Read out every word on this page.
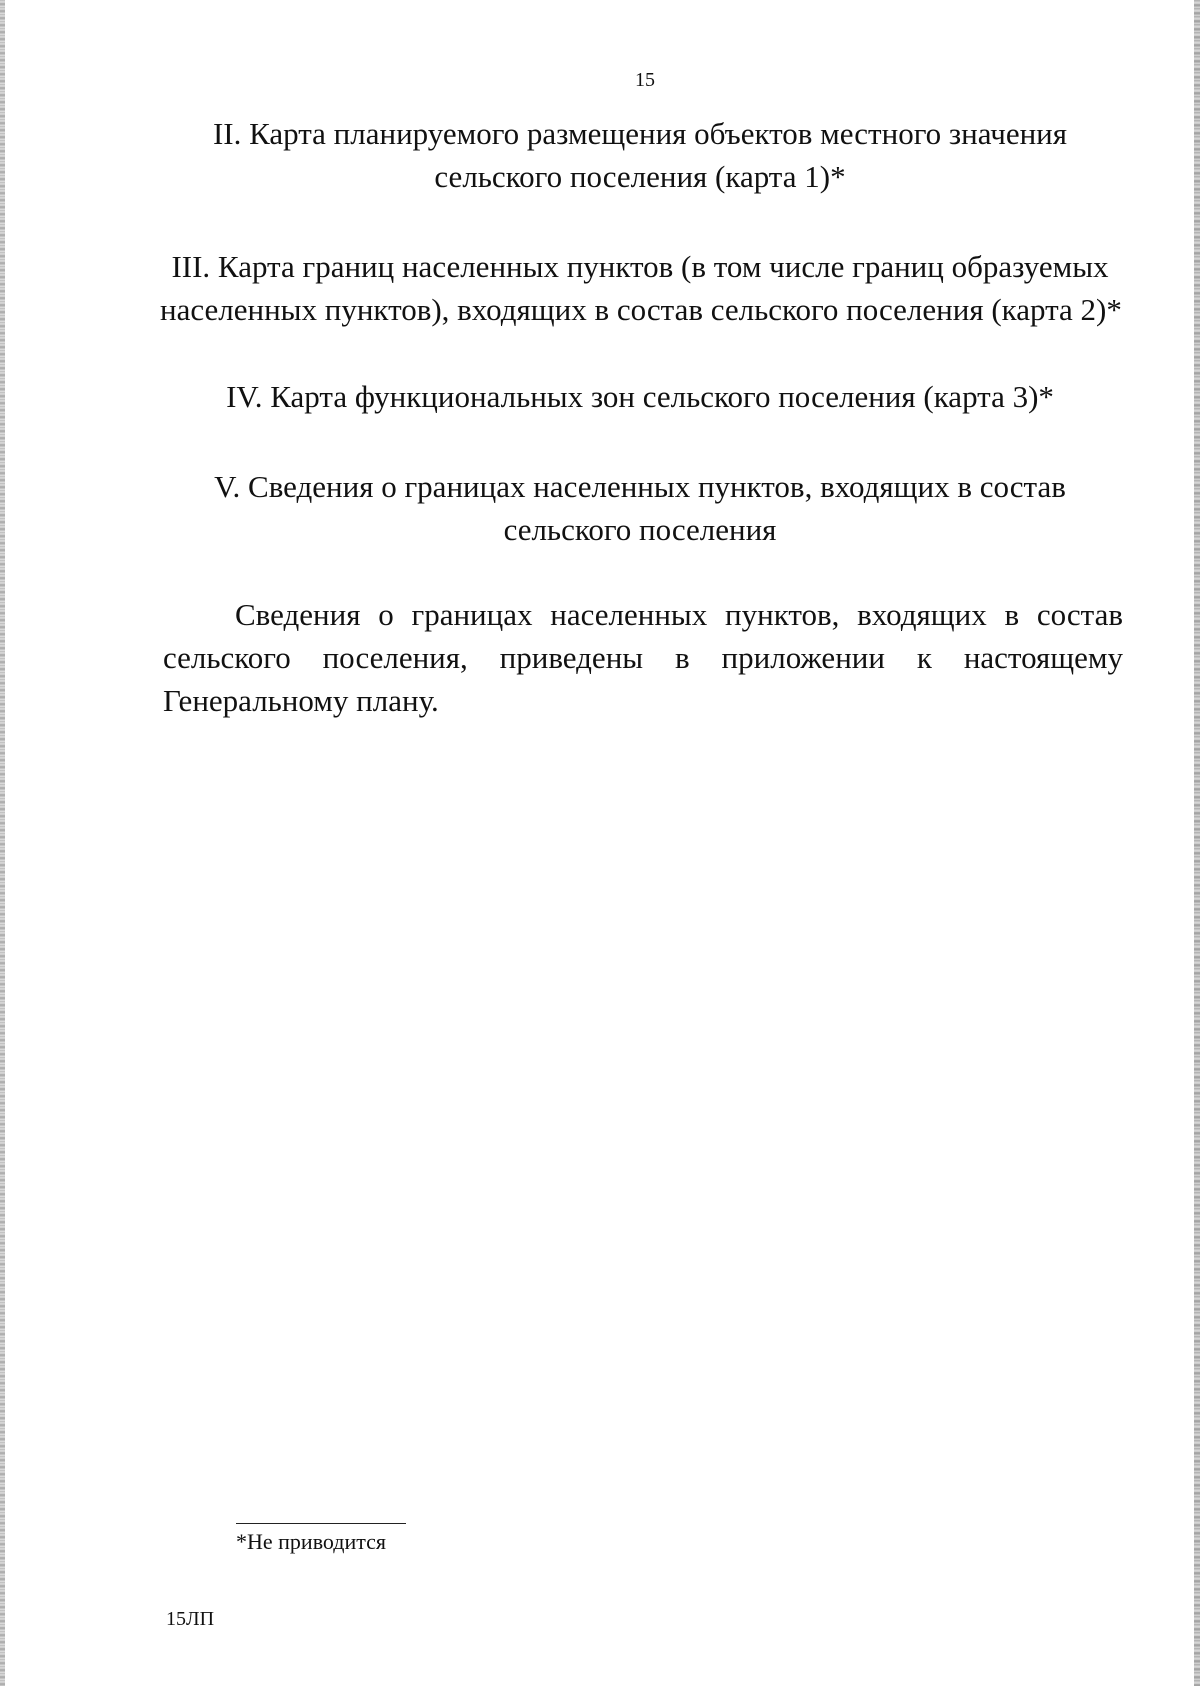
15
II. Карта планируемого размещения объектов местного значения
сельского поселения (карта 1)*
III. Карта границ населенных пунктов (в том числе границ образуемых
населенных пунктов), входящих в состав сельского поселения (карта 2)*
IV. Карта функциональных зон сельского поселения (карта 3)*
V. Сведения о границах населенных пунктов, входящих в состав
сельского поселения
Сведения о границах населенных пунктов, входящих в состав
сельского поселения, приведены в приложении к настоящему
Генеральному плану.
*Не приводится
15ЛП
